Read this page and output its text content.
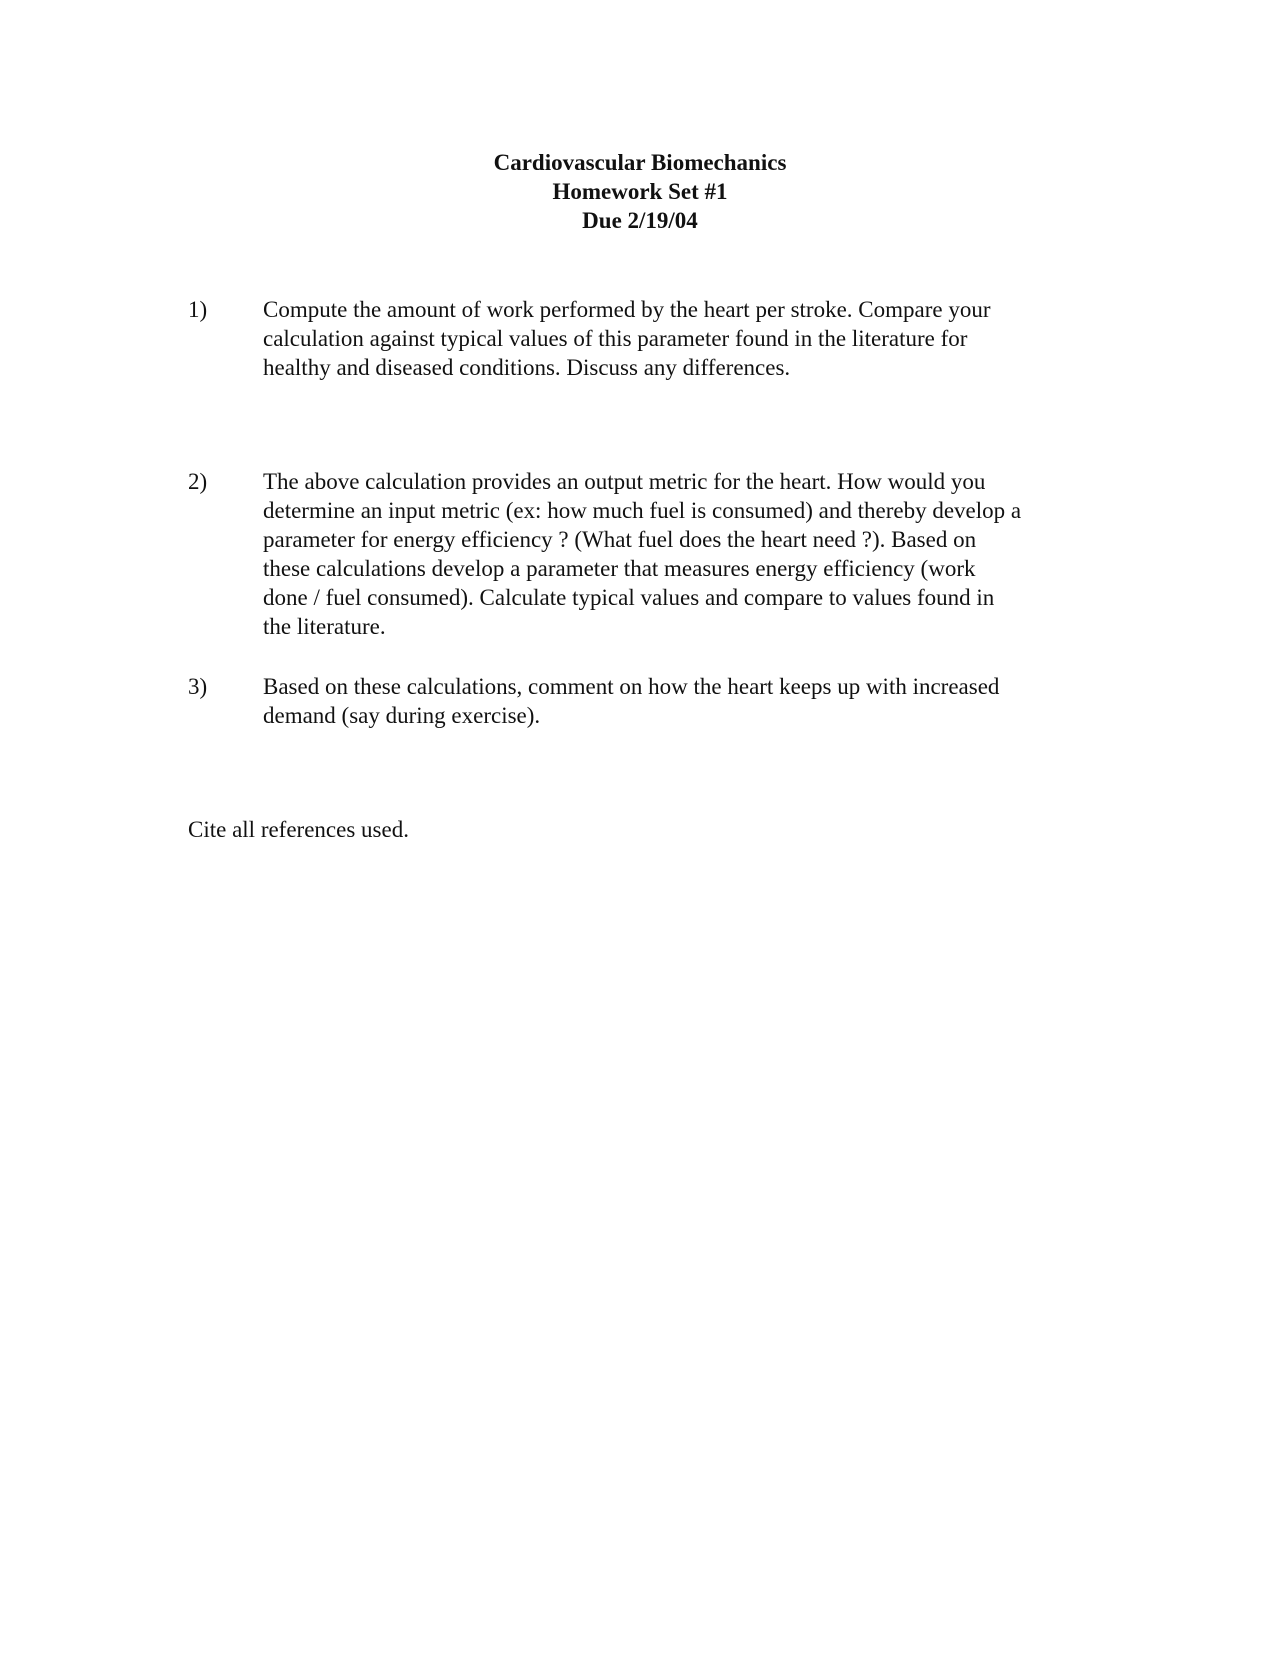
Cardiovascular Biomechanics
Homework Set #1
Due 2/19/04
1)	Compute the amount of work performed by the heart per stroke. Compare your
calculation against typical values of this parameter found in the literature for
healthy and diseased conditions. Discuss any differences.
2)	The above calculation provides an output metric for the heart. How would you
determine an input metric (ex: how much fuel is consumed) and thereby develop a
parameter for energy efficiency ? (What fuel does the heart need ?). Based on
these calculations develop a parameter that measures energy efficiency (work
done / fuel consumed). Calculate typical values and compare to values found in
the literature.
3)	Based on these calculations, comment on how the heart keeps up with increased
demand (say during exercise).
Cite all references used.
